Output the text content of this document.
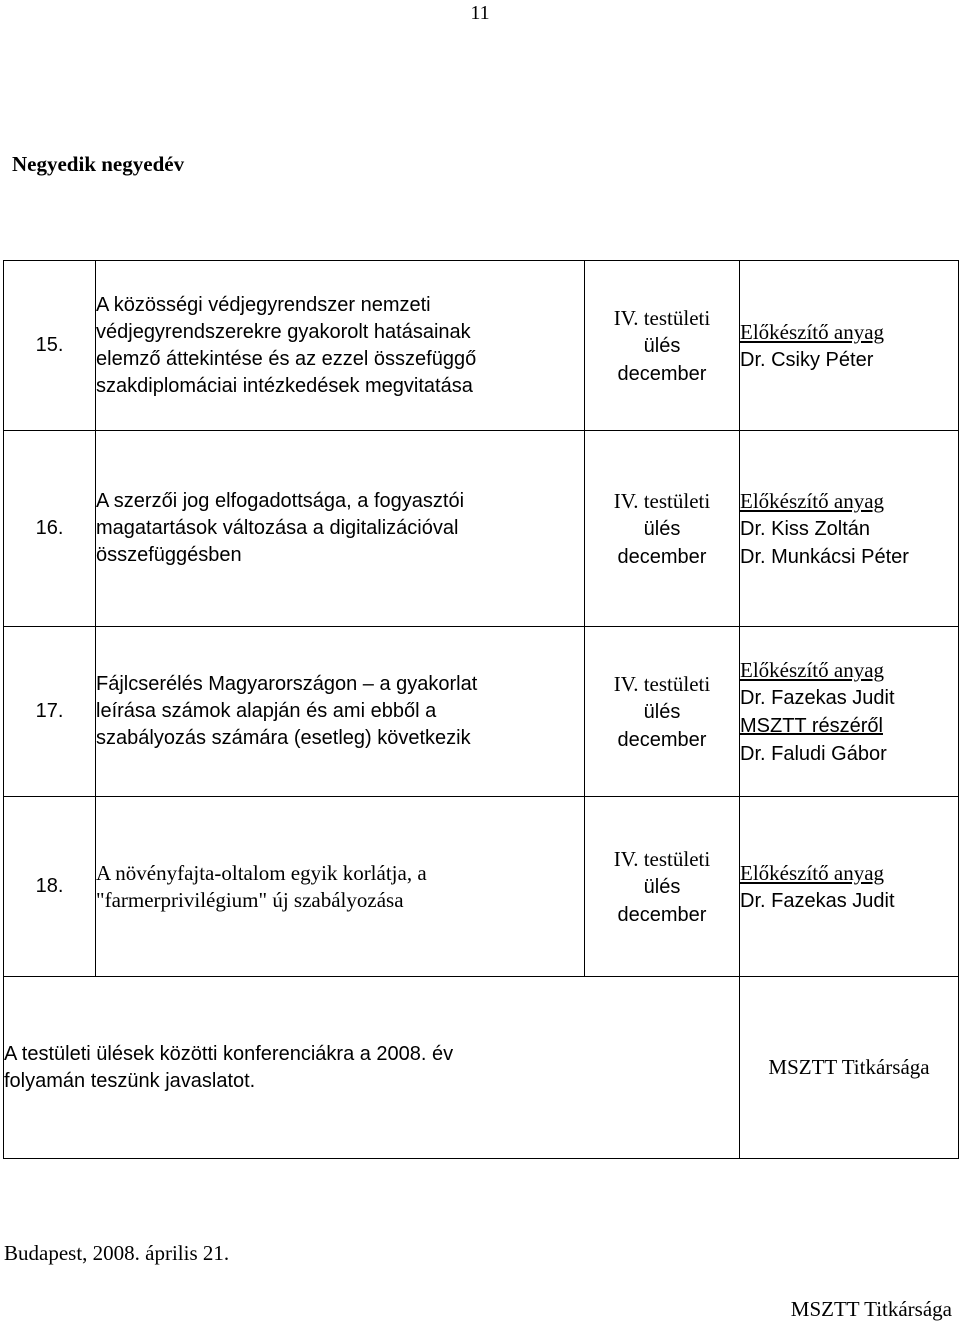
11
Negyedik negyedév
15.	A közösségi védjegyrendszer nemzeti
védjegyrendszerekre gyakorolt hatásainak
elemző áttekintése és az ezzel összefüggő
szakdiplomáciai intézkedések megvitatása	IV. testületi
ülés
december	Előkészítő anyag
Dr. Csiky Péter

16.	A szerzői jog elfogadottsága, a fogyasztói
magatartások változása a digitalizációval
összefüggésben	IV. testületi
ülés
december	Előkészítő anyag
Dr. Kiss Zoltán
Dr. Munkácsi Péter

17.	Fájlcserélés Magyarországon – a gyakorlat
leírása számok alapján és ami ebből a
szabályozás számára (esetleg) következik	IV. testületi
ülés
december	Előkészítő anyag
Dr. Fazekas Judit
MSZTT részéről
Dr. Faludi Gábor

18.	A növényfajta-oltalom egyik korlátja, a
"farmerprivilégium" új szabályozása	IV. testületi
ülés
december	Előkészítő anyag
Dr. Fazekas Judit

A testületi ülések közötti konferenciákra a 2008. év
folyamán teszünk javaslatot.			MSZTT Titkársága
Budapest, 2008. április 21.
MSZTT Titkársága
